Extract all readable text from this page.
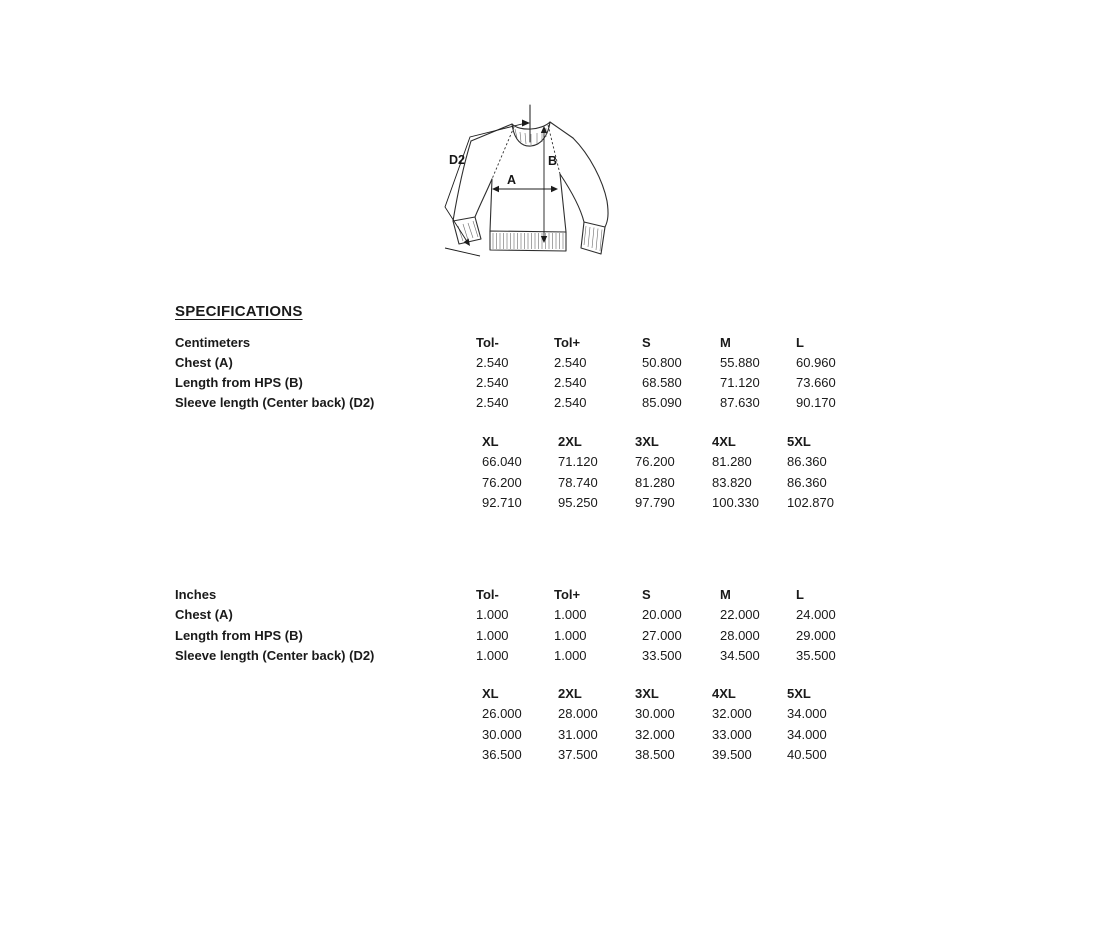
D2
A
B
SPECIFICATIONS
Centimeters	Tol-	Tol+	S	M	L
Chest (A)	2.540	2.540	50.800	55.880	60.960
Length from HPS (B)	2.540	2.540	68.580	71.120	73.660
Sleeve length (Center back) (D2)	2.540	2.540	85.090	87.630	90.170
XL	2XL	3XL	4XL	5XL
66.040	71.120	76.200	81.280	86.360
76.200	78.740	81.280	83.820	86.360
92.710	95.250	97.790	100.330	102.870
Inches	Tol-	Tol+	S	M	L
Chest (A)	1.000	1.000	20.000	22.000	24.000
Length from HPS (B)	1.000	1.000	27.000	28.000	29.000
Sleeve length (Center back) (D2)	1.000	1.000	33.500	34.500	35.500
XL	2XL	3XL	4XL	5XL
26.000	28.000	30.000	32.000	34.000
30.000	31.000	32.000	33.000	34.000
36.500	37.500	38.500	39.500	40.500
